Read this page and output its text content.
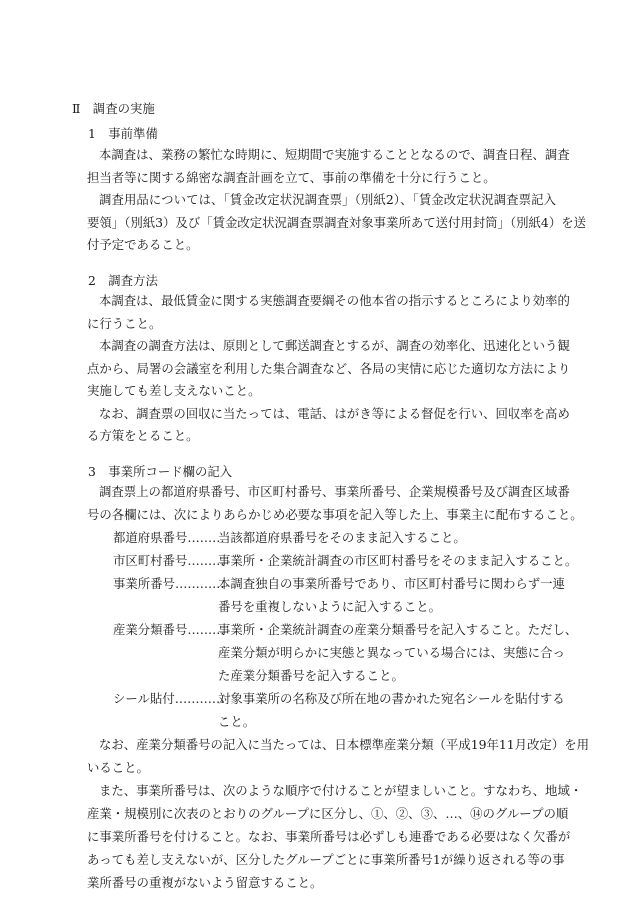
Ⅱ　調査の実施
1　事前準備
本調査は、業務の繁忙な時期に、短期間で実施することとなるので、調査日程、調査
担当者等に関する綿密な調査計画を立て、事前の準備を十分に行うこと。
調査用品については、「賃金改定状況調査票」（別紙2）、「賃金改定状況調査票記入
要領」（別紙3）及び「賃金改定状況調査票調査対象事業所あて送付用封筒」（別紙4）を送
付予定であること。
2　調査方法
本調査は、最低賃金に関する実態調査要綱その他本省の指示するところにより効率的
に行うこと。
本調査の調査方法は、原則として郵送調査とするが、調査の効率化、迅速化という観
点から、局署の会議室を利用した集合調査など、各局の実情に応じた適切な方法により
実施しても差し支えないこと。
なお、調査票の回収に当たっては、電話、はがき等による督促を行い、回収率を高め
る方策をとること。
3　事業所コード欄の記入
調査票上の都道府県番号、市区町村番号、事業所番号、企業規模番号及び調査区域番
号の各欄には、次によりあらかじめ必要な事項を記入等した上、事業主に配布すること。
都道府県番号………
当該都道府県番号をそのまま記入すること。
市区町村番号………
事業所・企業統計調査の市区町村番号をそのまま記入すること。
事業所番号…………
本調査独自の事業所番号であり、市区町村番号に関わらず一連
番号を重複しないように記入すること。
産業分類番号………
事業所・企業統計調査の産業分類番号を記入すること。ただし、
産業分類が明らかに実態と異なっている場合には、実態に合っ
た産業分類番号を記入すること。
シール貼付…………
対象事業所の名称及び所在地の書かれた宛名シールを貼付する
こと。
なお、産業分類番号の記入に当たっては、日本標準産業分類（平成19年11月改定）を用
いること。
また、事業所番号は、次のような順序で付けることが望ましいこと。すなわち、地域・
産業・規模別に次表のとおりのグループに区分し、①、②、③、…、⑭のグループの順
に事業所番号を付けること。なお、事業所番号は必ずしも連番である必要はなく欠番が
あっても差し支えないが、区分したグループごとに事業所番号1が繰り返される等の事
業所番号の重複がないよう留意すること。
